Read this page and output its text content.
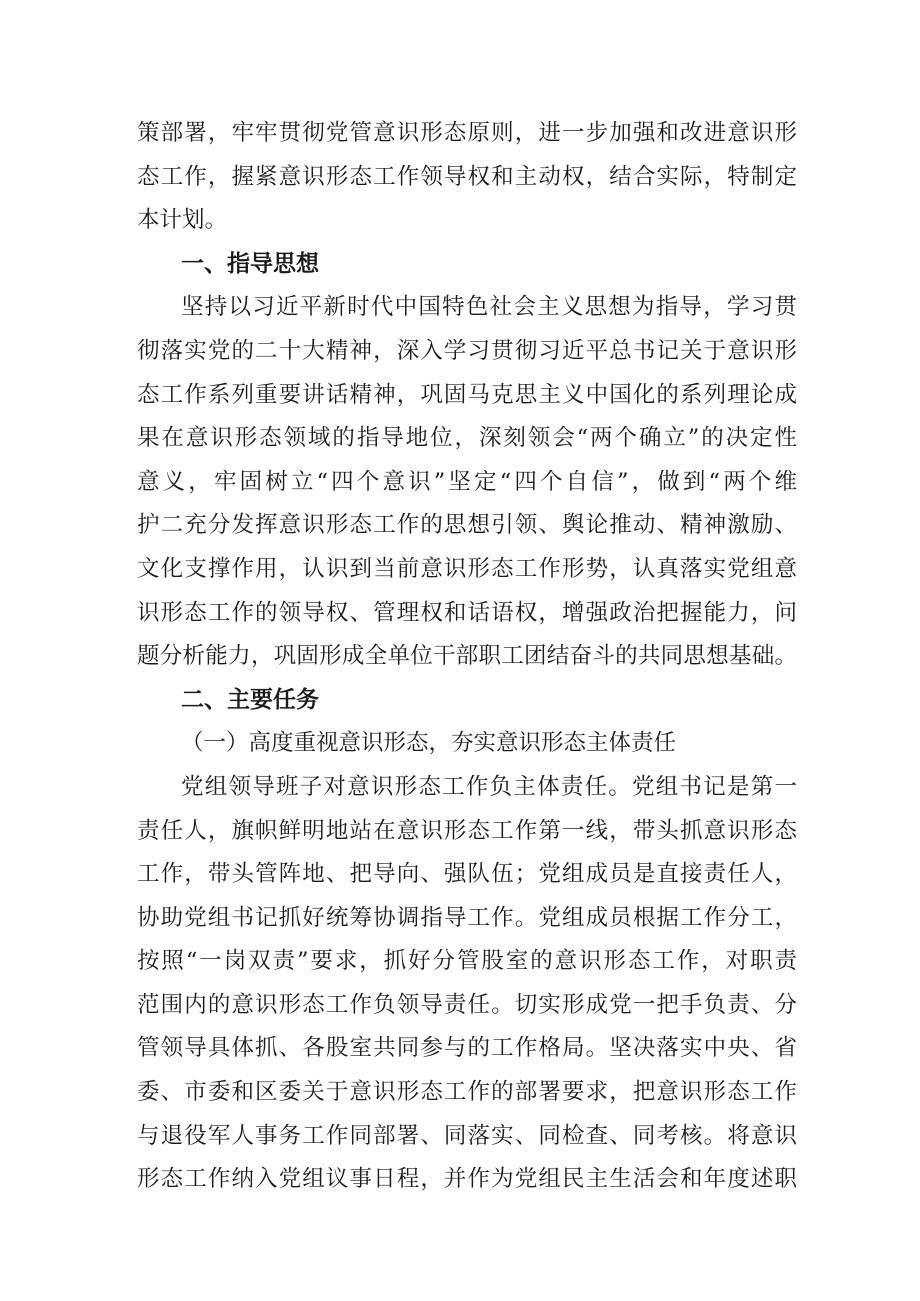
策部署，牢牢贯彻党管意识形态原则，进一步加强和改进意识形
态工作，握紧意识形态工作领导权和主动权，结合实际，特制定
本计划。
一、指导思想
坚持以习近平新时代中国特色社会主义思想为指导，学习贯
彻落实党的二十大精神，深入学习贯彻习近平总书记关于意识形
态工作系列重要讲话精神，巩固马克思主义中国化的系列理论成
果在意识形态领域的指导地位，深刻领会“两个确立”的决定性
意义，牢固树立“四个意识”坚定“四个自信”，做到“两个维
护二充分发挥意识形态工作的思想引领、舆论推动、精神激励、
文化支撑作用，认识到当前意识形态工作形势，认真落实党组意
识形态工作的领导权、管理权和话语权，增强政治把握能力，问
题分析能力，巩固形成全单位干部职工团结奋斗的共同思想基础。
二、主要任务
（一）高度重视意识形态，夯实意识形态主体责任
党组领导班子对意识形态工作负主体责任。党组书记是第一
责任人，旗帜鲜明地站在意识形态工作第一线，带头抓意识形态
工作，带头管阵地、把导向、强队伍；党组成员是直接责任人，
协助党组书记抓好统筹协调指导工作。党组成员根据工作分工，
按照“一岗双责”要求，抓好分管股室的意识形态工作，对职责
范围内的意识形态工作负领导责任。切实形成党一把手负责、分
管领导具体抓、各股室共同参与的工作格局。坚决落实中央、省
委、市委和区委关于意识形态工作的部署要求，把意识形态工作
与退役军人事务工作同部署、同落实、同检查、同考核。将意识
形态工作纳入党组议事日程，并作为党组民主生活会和年度述职
